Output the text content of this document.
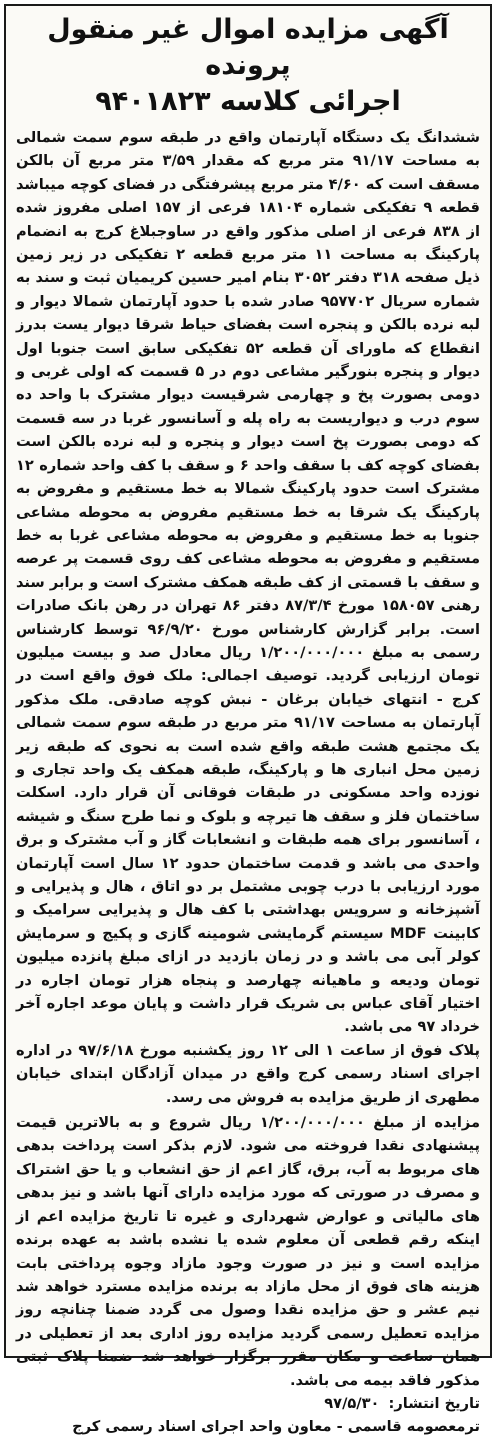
آگهی مزایده اموال غیر منقول پرونده

اجرائی کلاسه ۹۴۰۱۸۲۳

ششدانگ یک دستگاه آپارتمان واقع در طبقه سوم سمت شمالی به مساحت ۹۱/۱۷ متر مربع که مقدار ۳/۵۹ متر مربع آن بالکن مسقف است که ۴/۶۰ متر مربع پیشرفتگی در فضای کوچه میباشد قطعه ۹ تفکیکی شماره ۱۸۱۰۴ فرعی از ۱۵۷ اصلی مفروز شده از ۸۳۸ فرعی از اصلی مذکور واقع در ساوجبلاغ کرج به انضمام پارکینگ به مساحت ۱۱ متر مربع قطعه ۲ تفکیکی در زیر زمین ذیل صفحه ۳۱۸ دفتر ۳۰۵۲ بنام امیر حسین کریمیان ثبت و سند به شماره سریال ۹۵۷۷۰۲ صادر شده با حدود آپارتمان شمالا دیوار و لبه نرده بالکن و پنجره است بفضای حیاط شرقا دیوار یست بدرز انقطاع که ماورای آن قطعه ۵۲ تفکیکی سابق است جنوبا اول دیوار و پنجره بنورگیر مشاعی دوم در ۵ قسمت که اولی غربی و دومی بصورت پخ و چهارمی شرقیست دیوار مشترک با واحد ده سوم درب و دیواریست به راه پله و آسانسور غربا در سه قسمت که دومی بصورت پخ است دیوار و پنجره و لبه نرده بالکن است بفضای کوچه کف با سقف واحد ۶ و سقف با کف واحد شماره ۱۲ مشترک است حدود پارکینگ شمالا به خط مستقیم و مفروض به پارکینگ یک شرقا به خط مستقیم مفروض به محوطه مشاعی جنوبا به خط مستقیم و مفروض به محوطه مشاعی غربا به خط مستقیم و مفروض به محوطه مشاعی کف روی قسمت پر عرصه و سقف با قسمتی از کف طبقه همکف مشترک است و برابر سند رهنی ۱۵۸۰۵۷ مورخ ۸۷/۳/۴ دفتر ۸۶ تهران در رهن بانک صادرات است. برابر گزارش کارشناس مورخ ۹۶/۹/۲۰ توسط کارشناس رسمی به مبلغ ۱/۲۰۰/۰۰۰/۰۰۰ ریال معادل صد و بیست میلیون تومان ارزیابی گردید. توصیف اجمالی: ملک فوق واقع است در کرج - انتهای خیابان برغان - نبش کوچه صادقی. ملک مذکور آپارتمان به مساحت ۹۱/۱۷ متر مربع در طبقه سوم سمت شمالی یک مجتمع هشت طبقه واقع شده است به نحوی که طبقه زیر زمین محل انباری ها و پارکینگ، طبقه همکف یک واحد تجاری و نوزده واحد مسکونی در طبقات فوقانی آن قرار دارد. اسکلت ساختمان فلز و سقف ها تیرچه و بلوک و نما طرح سنگ و شیشه ، آسانسور برای همه طبقات و انشعابات گاز و آب مشترک و برق واحدی می باشد و قدمت ساختمان حدود ۱۲ سال است آپارتمان مورد ارزیابی با درب چوبی مشتمل بر دو اتاق ، هال و پذیرایی و آشپزخانه و سرویس بهداشتی با کف هال و پذیرایی سرامیک و کابینت MDF سیستم گرمایشی شومینه گازی و پکیج و سرمایش کولر آبی می باشد و در زمان بازدید در ازای مبلغ پانزده میلیون تومان ودیعه و ماهیانه چهارصد و پنجاه هزار تومان اجاره در اختیار آقای عباس بی شریک قرار داشت و پایان موعد اجاره آخر خرداد ۹۷ می باشد.

پلاک فوق از ساعت ۱ الی ۱۲ روز یکشنبه مورخ ۹۷/۶/۱۸ در اداره اجرای اسناد رسمی کرج واقع در میدان آزادگان ابتدای خیابان مطهری از طریق مزایده به فروش می رسد.

مزایده از مبلغ ۱/۲۰۰/۰۰۰/۰۰۰ ریال شروع و به بالاترین قیمت پیشنهادی نقدا فروخته می شود. لازم بذکر است پرداخت بدهی های مربوط به آب، برق، گاز اعم از حق انشعاب و یا حق اشتراک و مصرف در صورتی که مورد مزایده دارای آنها باشد و نیز بدهی های مالیاتی و عوارض شهرداری و غیره تا تاریخ مزایده اعم از اینکه رقم قطعی آن معلوم شده یا نشده باشد به عهده برنده مزایده است و نیز در صورت وجود مازاد وجوه پرداختی بابت هزینه های فوق از محل مازاد به برنده مزایده مسترد خواهد شد نیم عشر و حق مزایده نقدا وصول می گردد ضمنا چنانچه روز مزایده تعطیل رسمی گردید مزایده روز اداری بعد از تعطیلی در همان ساعت و مکان مقرر برگزار خواهد شد ضمنا پلاک ثبتی مذکور فاقد بیمه می باشد.

تاریخ انتشار: ۹۷/۵/۳۰
ترمعصومه قاسمی - معاون واحد اجرای اسناد رسمی کرج
